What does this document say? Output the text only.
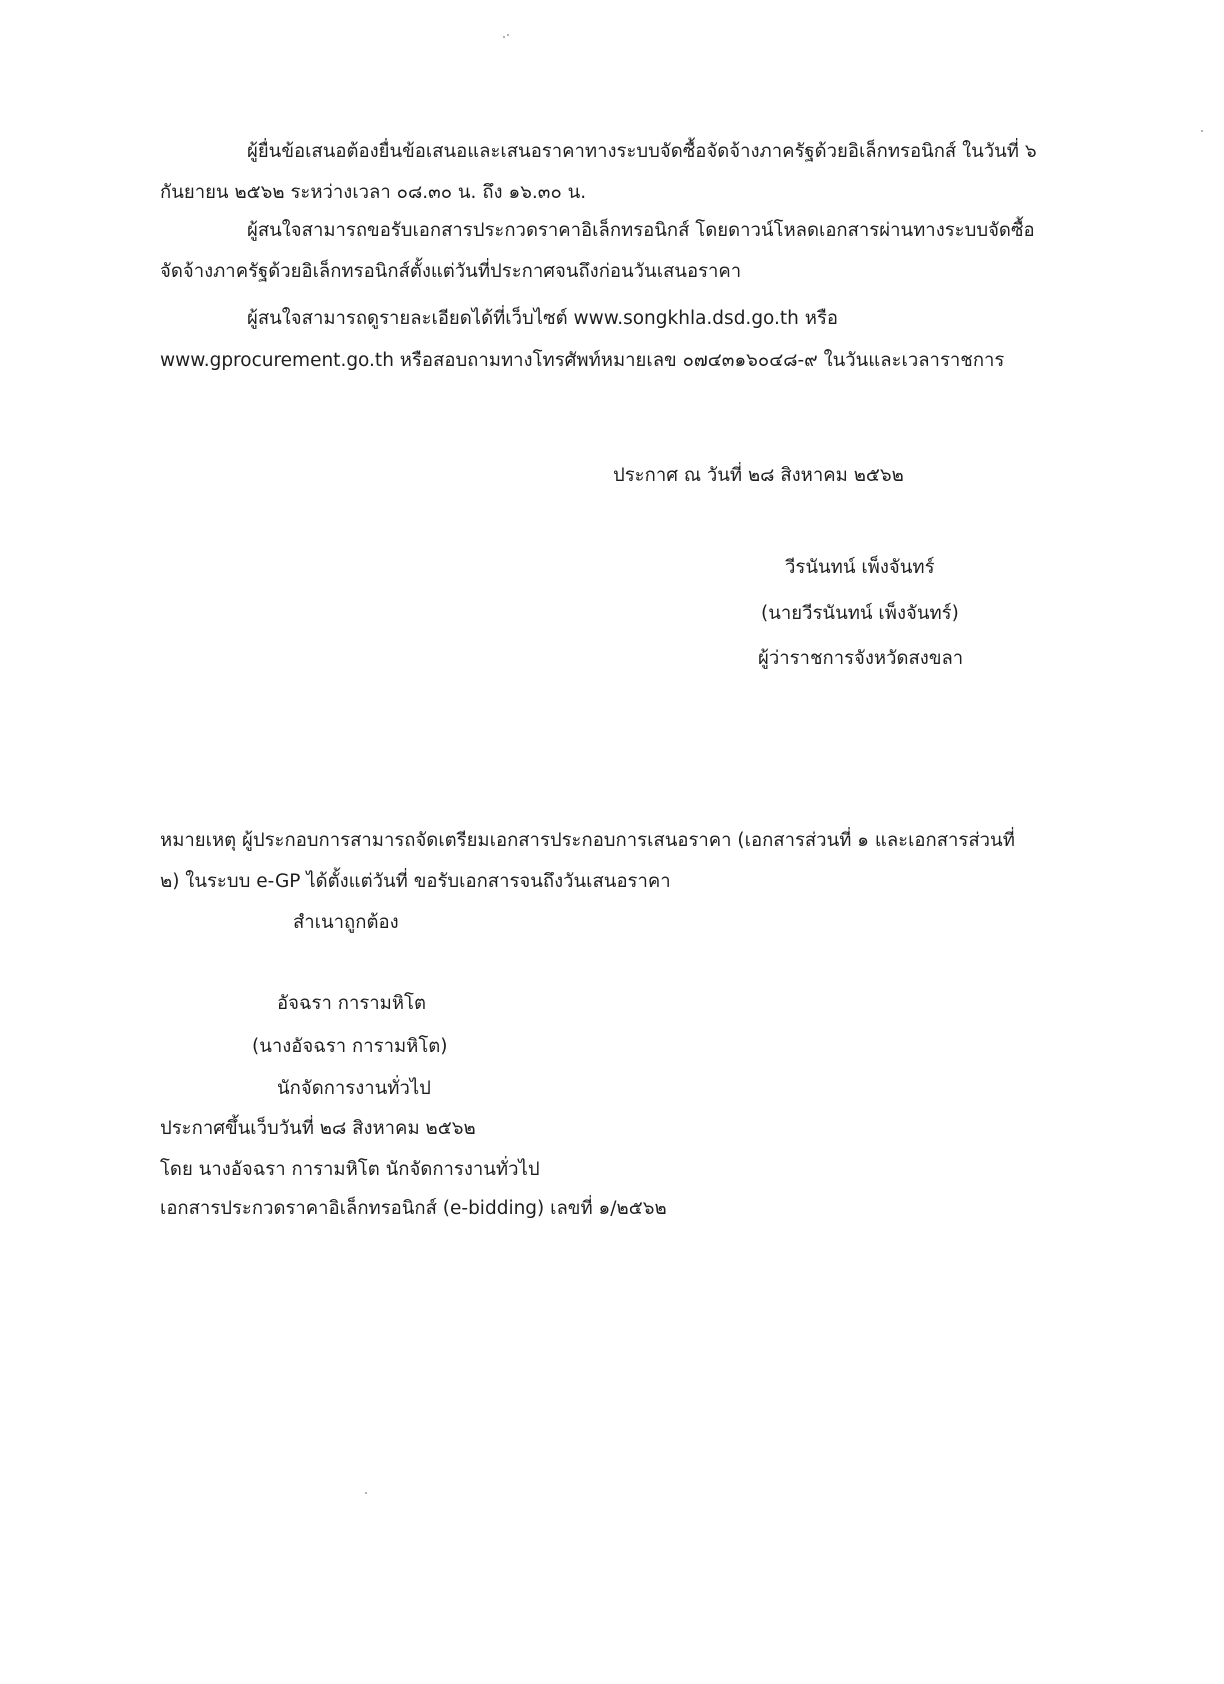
ผู้ยื่นข้อเสนอต้องยื่นข้อเสนอและเสนอราคาทางระบบจัดซื้อจัดจ้างภาครัฐด้วยอิเล็กทรอนิกส์ ในวันที่ ๖
กันยายน ๒๕๖๒ ระหว่างเวลา ๐๘.๓๐ น. ถึง ๑๖.๓๐ น.
ผู้สนใจสามารถขอรับเอกสารประกวดราคาอิเล็กทรอนิกส์ โดยดาวน์โหลดเอกสารผ่านทางระบบจัดซื้อ
จัดจ้างภาครัฐด้วยอิเล็กทรอนิกส์ตั้งแต่วันที่ประกาศจนถึงก่อนวันเสนอราคา
ผู้สนใจสามารถดูรายละเอียดได้ที่เว็บไซต์ www.songkhla.dsd.go.th หรือ
www.gprocurement.go.th หรือสอบถามทางโทรศัพท์หมายเลข ๐๗๔๓๑๖๐๔๘-๙ ในวันและเวลาราชการ
ประกาศ ณ วันที่ ๒๘ สิงหาคม ๒๕๖๒
วีรนันทน์ เพ็งจันทร์
(นายวีรนันทน์ เพ็งจันทร์)
ผู้ว่าราชการจังหวัดสงขลา
หมายเหตุ ผู้ประกอบการสามารถจัดเตรียมเอกสารประกอบการเสนอราคา (เอกสารส่วนที่ ๑ และเอกสารส่วนที่
๒) ในระบบ e-GP ได้ตั้งแต่วันที่ ขอรับเอกสารจนถึงวันเสนอราคา
สำเนาถูกต้อง
อัจฉรา การามหิโต
(นางอัจฉรา การามหิโต)
นักจัดการงานทั่วไป
ประกาศขึ้นเว็บวันที่ ๒๘ สิงหาคม ๒๕๖๒
โดย นางอัจฉรา การามหิโต นักจัดการงานทั่วไป
เอกสารประกวดราคาอิเล็กทรอนิกส์ (e-bidding) เลขที่ ๑/๒๕๖๒
